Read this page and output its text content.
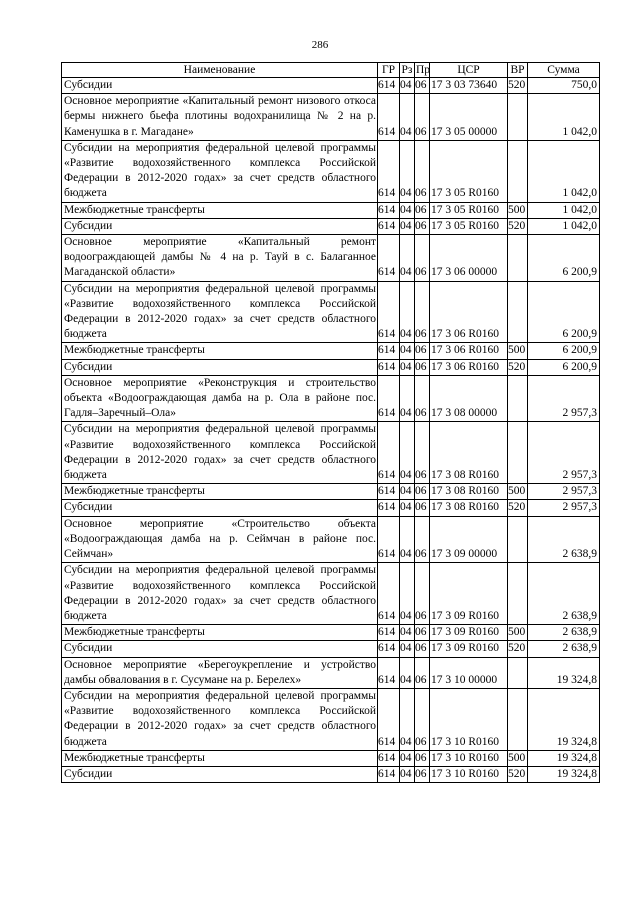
286
Наименование	ГР	Рз	Пр	ЦСР	ВР	Сумма
Субсидии	614	04	06	17 3 03 73640	520	750,0
Основное мероприятие «Капитальный ремонт низового откоса бермы нижнего бьефа плотины водохранилища № 2 на р. Каменушка в г. Магадане»	614	04	06	17 3 05 00000		1 042,0
Субсидии на мероприятия федеральной целевой программы «Развитие водохозяйственного комплекса Российской Федерации в 2012-2020 годах» за счет средств областного бюджета	614	04	06	17 3 05 R0160		1 042,0
Межбюджетные трансферты	614	04	06	17 3 05 R0160	500	1 042,0
Субсидии	614	04	06	17 3 05 R0160	520	1 042,0
Основное мероприятие «Капитальный ремонт водоограждающей дамбы № 4 на р. Тауй в с. Балаганное Магаданской области»	614	04	06	17 3 06 00000		6 200,9
Субсидии на мероприятия федеральной целевой программы «Развитие водохозяйственного комплекса Российской Федерации в 2012-2020 годах» за счет средств областного бюджета	614	04	06	17 3 06 R0160		6 200,9
Межбюджетные трансферты	614	04	06	17 3 06 R0160	500	6 200,9
Субсидии	614	04	06	17 3 06 R0160	520	6 200,9
Основное мероприятие «Реконструкция и строительство объекта «Водоограждающая дамба на р. Ола в районе пос. Гадля–Заречный–Ола»	614	04	06	17 3 08 00000		2 957,3
Субсидии на мероприятия федеральной целевой программы «Развитие водохозяйственного комплекса Российской Федерации в 2012-2020 годах» за счет средств областного бюджета	614	04	06	17 3 08 R0160		2 957,3
Межбюджетные трансферты	614	04	06	17 3 08 R0160	500	2 957,3
Субсидии	614	04	06	17 3 08 R0160	520	2 957,3
Основное мероприятие «Строительство объекта «Водоограждающая дамба на р. Сеймчан в районе пос. Сеймчан»	614	04	06	17 3 09 00000		2 638,9
Субсидии на мероприятия федеральной целевой программы «Развитие водохозяйственного комплекса Российской Федерации в 2012-2020 годах» за счет средств областного бюджета	614	04	06	17 3 09 R0160		2 638,9
Межбюджетные трансферты	614	04	06	17 3 09 R0160	500	2 638,9
Субсидии	614	04	06	17 3 09 R0160	520	2 638,9
Основное мероприятие «Берегоукрепление и устройство дамбы обвалования в г. Сусумане на р. Берелех»	614	04	06	17 3 10 00000		19 324,8
Субсидии на мероприятия федеральной целевой программы «Развитие водохозяйственного комплекса Российской Федерации в 2012-2020 годах» за счет средств областного бюджета	614	04	06	17 3 10 R0160		19 324,8
Межбюджетные трансферты	614	04	06	17 3 10 R0160	500	19 324,8
Субсидии	614	04	06	17 3 10 R0160	520	19 324,8
